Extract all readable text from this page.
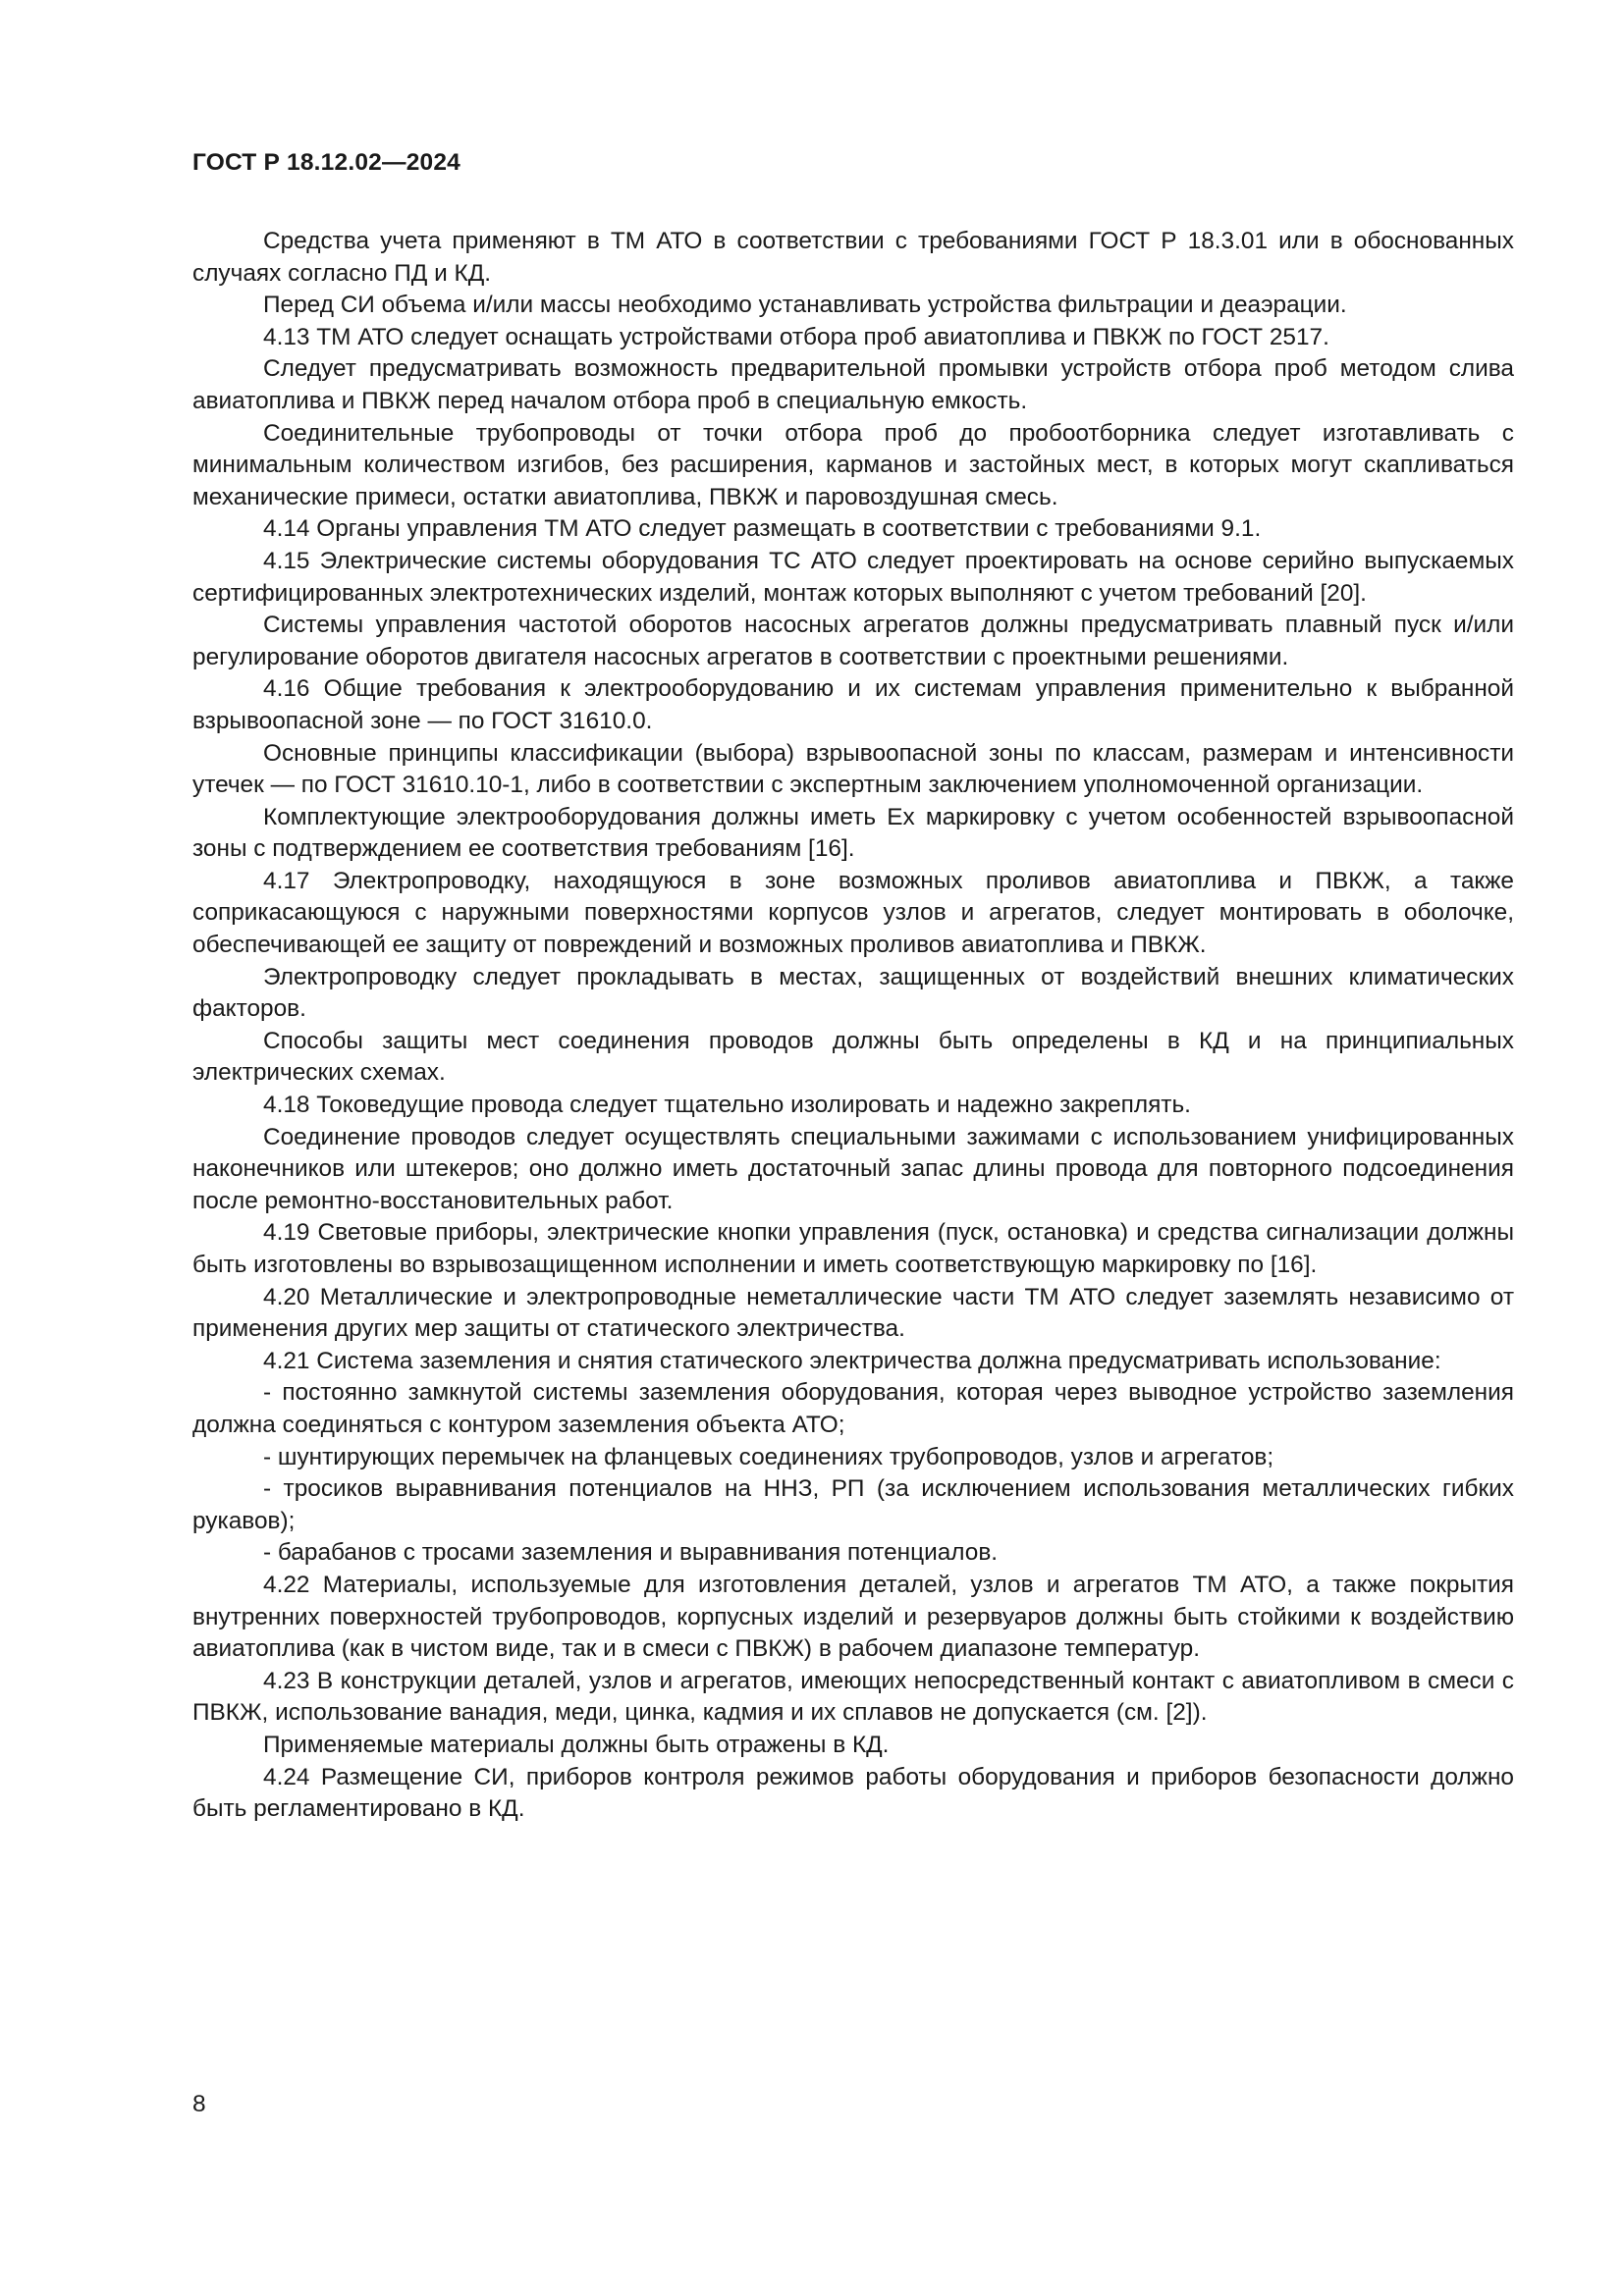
ГОСТ Р 18.12.02—2024

Средства учета применяют в ТМ АТО в соответствии с требованиями ГОСТ Р 18.3.01 или в обоснованных случаях согласно ПД и КД.

Перед СИ объема и/или массы необходимо устанавливать устройства фильтрации и деаэрации.

4.13 ТМ АТО следует оснащать устройствами отбора проб авиатоплива и ПВКЖ по ГОСТ 2517.

Следует предусматривать возможность предварительной промывки устройств отбора проб методом слива авиатоплива и ПВКЖ перед началом отбора проб в специальную емкость.

Соединительные трубопроводы от точки отбора проб до пробоотборника следует изготавливать с минимальным количеством изгибов, без расширения, карманов и застойных мест, в которых могут скапливаться механические примеси, остатки авиатоплива, ПВКЖ и паровоздушная смесь.

4.14 Органы управления ТМ АТО следует размещать в соответствии с требованиями 9.1.

4.15 Электрические системы оборудования ТС АТО следует проектировать на основе серийно выпускаемых сертифицированных электротехнических изделий, монтаж которых выполняют с учетом требований [20].

Системы управления частотой оборотов насосных агрегатов должны предусматривать плавный пуск и/или регулирование оборотов двигателя насосных агрегатов в соответствии с проектными решениями.

4.16 Общие требования к электрооборудованию и их системам управления применительно к выбранной взрывоопасной зоне — по ГОСТ 31610.0.

Основные принципы классификации (выбора) взрывоопасной зоны по классам, размерам и интенсивности утечек — по ГОСТ 31610.10-1, либо в соответствии с экспертным заключением уполномоченной организации.

Комплектующие электрооборудования должны иметь Ex маркировку с учетом особенностей взрывоопасной зоны с подтверждением ее соответствия требованиям [16].

4.17 Электропроводку, находящуюся в зоне возможных проливов авиатоплива и ПВКЖ, а также соприкасающуюся с наружными поверхностями корпусов узлов и агрегатов, следует монтировать в оболочке, обеспечивающей ее защиту от повреждений и возможных проливов авиатоплива и ПВКЖ.

Электропроводку следует прокладывать в местах, защищенных от воздействий внешних климатических факторов.

Способы защиты мест соединения проводов должны быть определены в КД и на принципиальных электрических схемах.

4.18 Токоведущие провода следует тщательно изолировать и надежно закреплять.

Соединение проводов следует осуществлять специальными зажимами с использованием унифицированных наконечников или штекеров; оно должно иметь достаточный запас длины провода для повторного подсоединения после ремонтно-восстановительных работ.

4.19 Световые приборы, электрические кнопки управления (пуск, остановка) и средства сигнализации должны быть изготовлены во взрывозащищенном исполнении и иметь соответствующую маркировку по [16].

4.20 Металлические и электропроводные неметаллические части ТМ АТО следует заземлять независимо от применения других мер защиты от статического электричества.

4.21 Система заземления и снятия статического электричества должна предусматривать использование:

- постоянно замкнутой системы заземления оборудования, которая через выводное устройство заземления должна соединяться с контуром заземления объекта АТО;

- шунтирующих перемычек на фланцевых соединениях трубопроводов, узлов и агрегатов;

- тросиков выравнивания потенциалов на ННЗ, РП (за исключением использования металлических гибких рукавов);

- барабанов с тросами заземления и выравнивания потенциалов.

4.22 Материалы, используемые для изготовления деталей, узлов и агрегатов ТМ АТО, а также покрытия внутренних поверхностей трубопроводов, корпусных изделий и резервуаров должны быть стойкими к воздействию авиатоплива (как в чистом виде, так и в смеси с ПВКЖ) в рабочем диапазоне температур.

4.23 В конструкции деталей, узлов и агрегатов, имеющих непосредственный контакт с авиатопливом в смеси с ПВКЖ, использование ванадия, меди, цинка, кадмия и их сплавов не допускается (см. [2]).

Применяемые материалы должны быть отражены в КД.

4.24 Размещение СИ, приборов контроля режимов работы оборудования и приборов безопасности должно быть регламентировано в КД.

8
